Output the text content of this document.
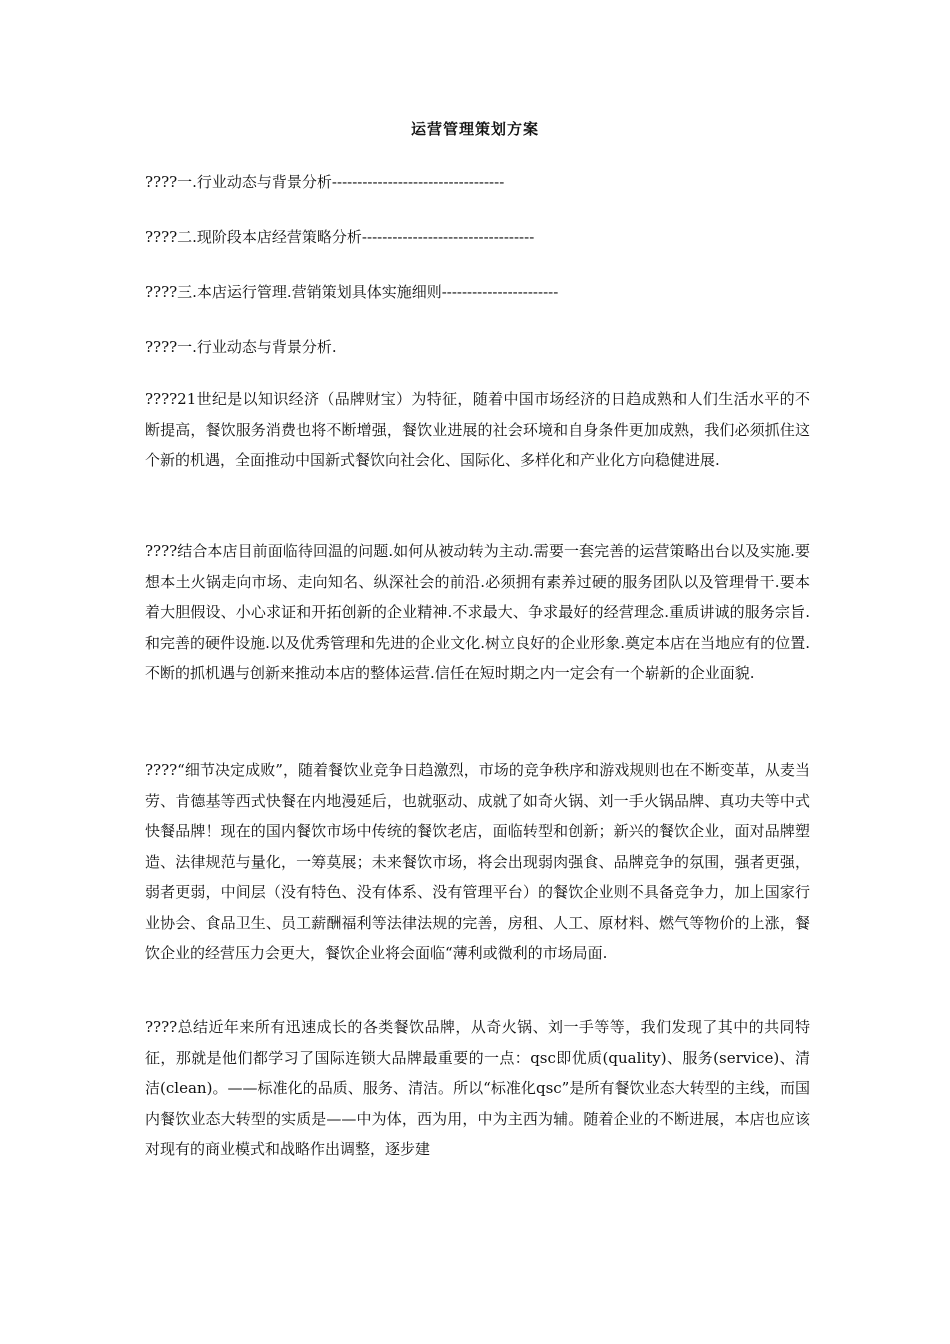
运营管理策划方案
????一.行业动态与背景分析----------------------------------
????二.现阶段本店经营策略分析----------------------------------
????三.本店运行管理.营销策划具体实施细则-----------------------
????一.行业动态与背景分析.

????21世纪是以知识经济（品牌财宝）为特征，随着中国市场经济的日趋成熟和人们生活水平的不断提高，餐饮服务消费也将不断增强，餐饮业进展的社会环境和自身条件更加成熟，我们必须抓住这个新的机遇，全面推动中国新式餐饮向社会化、国际化、多样化和产业化方向稳健进展.

????结合本店目前面临待回温的问题.如何从被动转为主动.需要一套完善的运营策略出台以及实施.要想本土火锅走向市场、走向知名、纵深社会的前沿.必须拥有素养过硬的服务团队以及管理骨干.要本着大胆假设、小心求证和开拓创新的企业精神.不求最大、争求最好的经营理念.重质讲诚的服务宗旨.和完善的硬件设施.以及优秀管理和先进的企业文化.树立良好的企业形象.奠定本店在当地应有的位置.不断的抓机遇与创新来推动本店的整体运营.信任在短时期之内一定会有一个崭新的企业面貌.

????“细节决定成败”，随着餐饮业竞争日趋激烈，市场的竞争秩序和游戏规则也在不断变革，从麦当劳、肯德基等西式快餐在内地漫延后，也就驱动、成就了如奇火锅、刘一手火锅品牌、真功夫等中式快餐品牌！现在的国内餐饮市场中传统的餐饮老店，面临转型和创新；新兴的餐饮企业，面对品牌塑造、法律规范与量化，一筹莫展；未来餐饮市场，将会出现弱肉强食、品牌竞争的氛围，强者更强，弱者更弱，中间层（没有特色、没有体系、没有管理平台）的餐饮企业则不具备竞争力，加上国家行业协会、食品卫生、员工薪酬福利等法律法规的完善，房租、人工、原材料、燃气等物价的上涨，餐饮企业的经营压力会更大，餐饮企业将会面临“薄利或微利的市场局面.

????总结近年来所有迅速成长的各类餐饮品牌，从奇火锅、刘一手等等，我们发现了其中的共同特征，那就是他们都学习了国际连锁大品牌最重要的一点：qsc即优质(quality)、服务(service)、清洁(clean)。——标准化的品质、服务、清洁。所以“标准化qsc”是所有餐饮业态大转型的主线，而国内餐饮业态大转型的实质是——中为体，西为用，中为主西为辅。随着企业的不断进展，本店也应该对现有的商业模式和战略作出调整，逐步建
